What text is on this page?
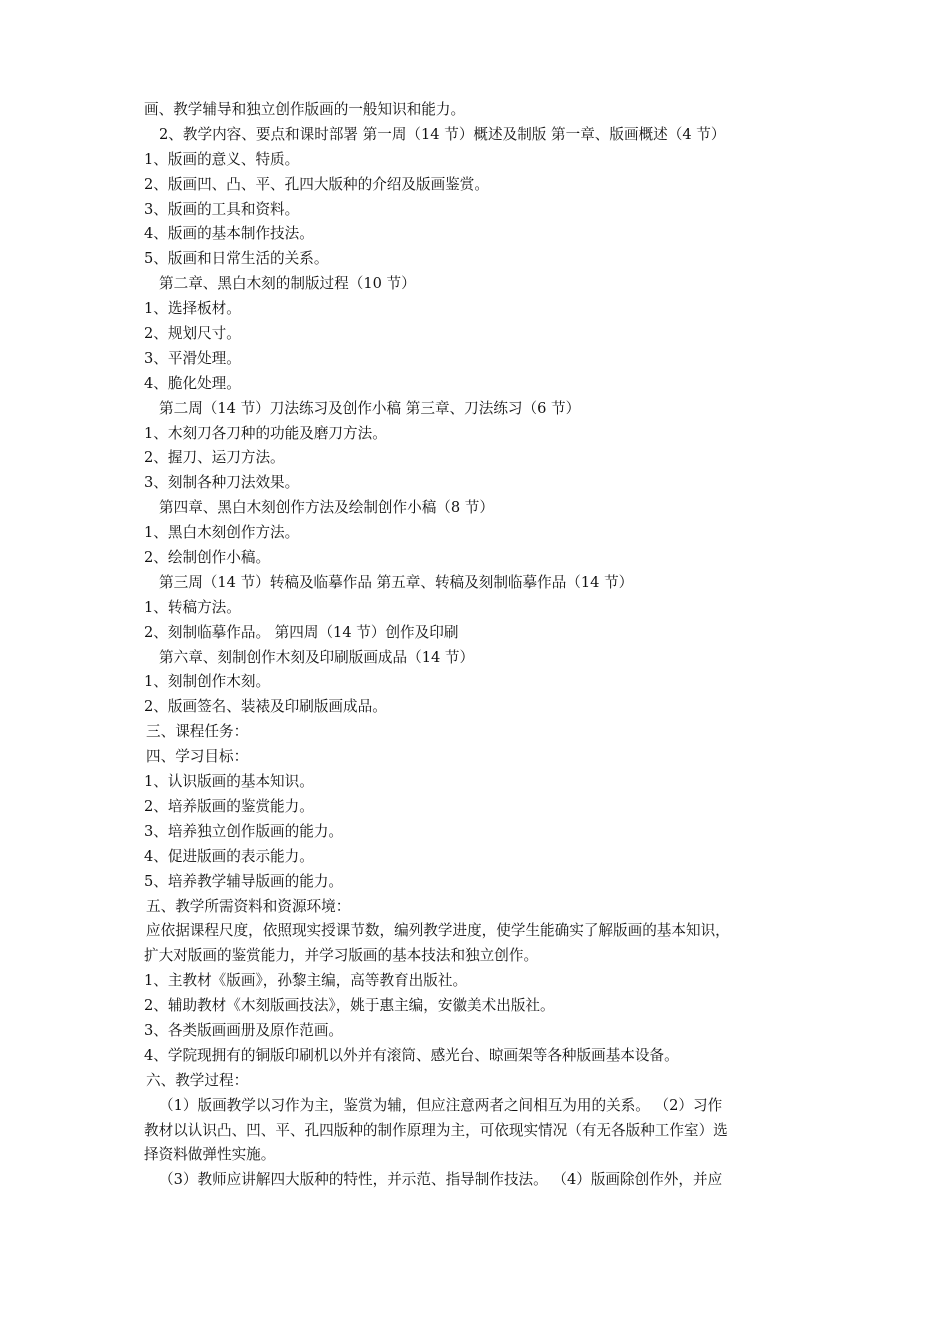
画、教学辅导和独立创作版画的一般知识和能力。
2、教学内容、要点和课时部署 第一周（14 节）概述及制版 第一章、版画概述（4 节）
1、版画的意义、特质。
2、版画凹、凸、平、孔四大版种的介绍及版画鉴赏。
3、版画的工具和资料。
4、版画的基本制作技法。
5、版画和日常生活的关系。
第二章、黑白木刻的制版过程（10 节）
1、选择板材。
2、规划尺寸。
3、平滑处理。
4、脆化处理。
第二周（14 节）刀法练习及创作小稿 第三章、刀法练习（6 节）
1、木刻刀各刀种的功能及磨刀方法。
2、握刀、运刀方法。
3、刻制各种刀法效果。
第四章、黑白木刻创作方法及绘制创作小稿（8 节）
1、黑白木刻创作方法。
2、绘制创作小稿。
第三周（14 节）转稿及临摹作品 第五章、转稿及刻制临摹作品（14 节）
1、转稿方法。
2、刻制临摹作品。 第四周（14 节）创作及印刷
第六章、刻制创作木刻及印刷版画成品（14 节）
1、刻制创作木刻。
2、版画签名、装裱及印刷版画成品。
三、课程任务：
四、学习目标：
1、认识版画的基本知识。
2、培养版画的鉴赏能力。
3、培养独立创作版画的能力。
4、促进版画的表示能力。
5、培养教学辅导版画的能力。
五、教学所需资料和资源环境：
应依据课程尺度，依照现实授课节数，编列教学进度，使学生能确实了解版画的基本知识，
扩大对版画的鉴赏能力，并学习版画的基本技法和独立创作。
1、主教材《版画》，孙黎主编，高等教育出版社。
2、辅助教材《木刻版画技法》，姚于惠主编，安徽美术出版社。
3、各类版画画册及原作范画。
4、学院现拥有的铜版印刷机以外并有滚筒、感光台、晾画架等各种版画基本设备。
六、教学过程：
（1）版画教学以习作为主，鉴赏为辅，但应注意两者之间相互为用的关系。 （2）习作
教材以认识凸、凹、平、孔四版种的制作原理为主，可依现实情况（有无各版种工作室）选
择资料做弹性实施。
（3）教师应讲解四大版种的特性，并示范、指导制作技法。 （4）版画除创作外，并应
